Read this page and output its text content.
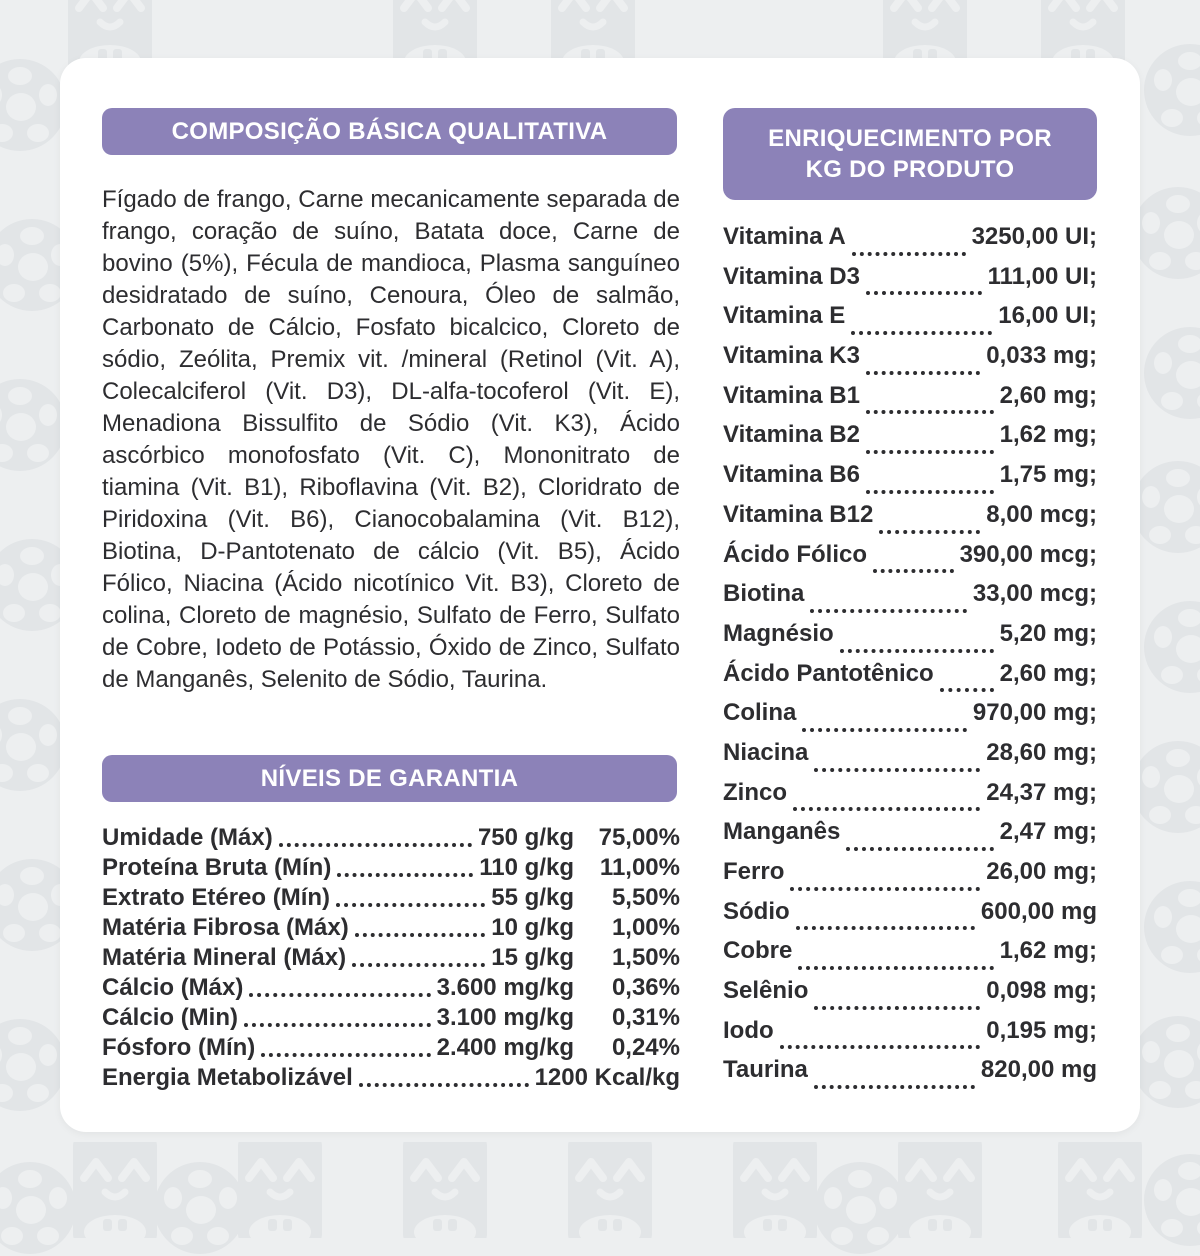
COMPOSIÇÃO BÁSICA QUALITATIVA
Fígado de frango, Carne mecanicamente separada de frango, coração de suíno, Batata doce, Carne de bovino (5%), Fécula de mandioca, Plasma sanguíneo desidratado de suíno, Cenoura, Óleo de salmão, Carbonato de Cálcio, Fosfato bicalcico, Cloreto de sódio, Zeólita, Premix vit. /mineral (Retinol (Vit. A), Colecalciferol (Vit. D3), DL-alfa-tocoferol (Vit. E), Menadiona Bissulfito de Sódio (Vit. K3), Ácido ascórbico monofosfato (Vit. C), Mononitrato de tiamina (Vit. B1), Riboflavina (Vit. B2), Cloridrato de Piridoxina (Vit. B6), Cianocobalamina (Vit. B12), Biotina, D-Pantotenato de cálcio (Vit. B5), Ácido Fólico, Niacina (Ácido nicotínico Vit. B3), Cloreto de colina, Cloreto de magnésio, Sulfato de Ferro, Sulfato de Cobre, Iodeto de Potássio, Óxido de Zinco, Sulfato de Manganês, Selenito de Sódio, Taurina.
NÍVEIS DE GARANTIA
Umidade (Máx)	750 g/kg	75,00%
Proteína Bruta (Mín)	110 g/kg	11,00%
Extrato Etéreo (Mín)	55 g/kg	5,50%
Matéria Fibrosa (Máx)	10 g/kg	1,00%
Matéria Mineral (Máx)	15 g/kg	1,50%
Cálcio (Máx)	3.600 mg/kg	0,36%
Cálcio (Min)	3.100 mg/kg	0,31%
Fósforo (Mín)	2.400 mg/kg	0,24%
Energia Metabolizável	1200 Kcal/kg
ENRIQUECIMENTO POR
KG DO PRODUTO
Vitamina A	3250,00 UI;
Vitamina D3	111,00 UI;
Vitamina E	16,00 UI;
Vitamina K3	0,033 mg;
Vitamina B1	2,60 mg;
Vitamina B2	1,62 mg;
Vitamina B6	1,75 mg;
Vitamina B12	8,00 mcg;
Ácido Fólico	390,00 mcg;
Biotina	33,00 mcg;
Magnésio	5,20 mg;
Ácido Pantotênico	2,60 mg;
Colina	970,00 mg;
Niacina	28,60 mg;
Zinco	24,37 mg;
Manganês	2,47 mg;
Ferro	26,00 mg;
Sódio	600,00 mg
Cobre	1,62 mg;
Selênio	0,098 mg;
Iodo	0,195 mg;
Taurina	820,00 mg
